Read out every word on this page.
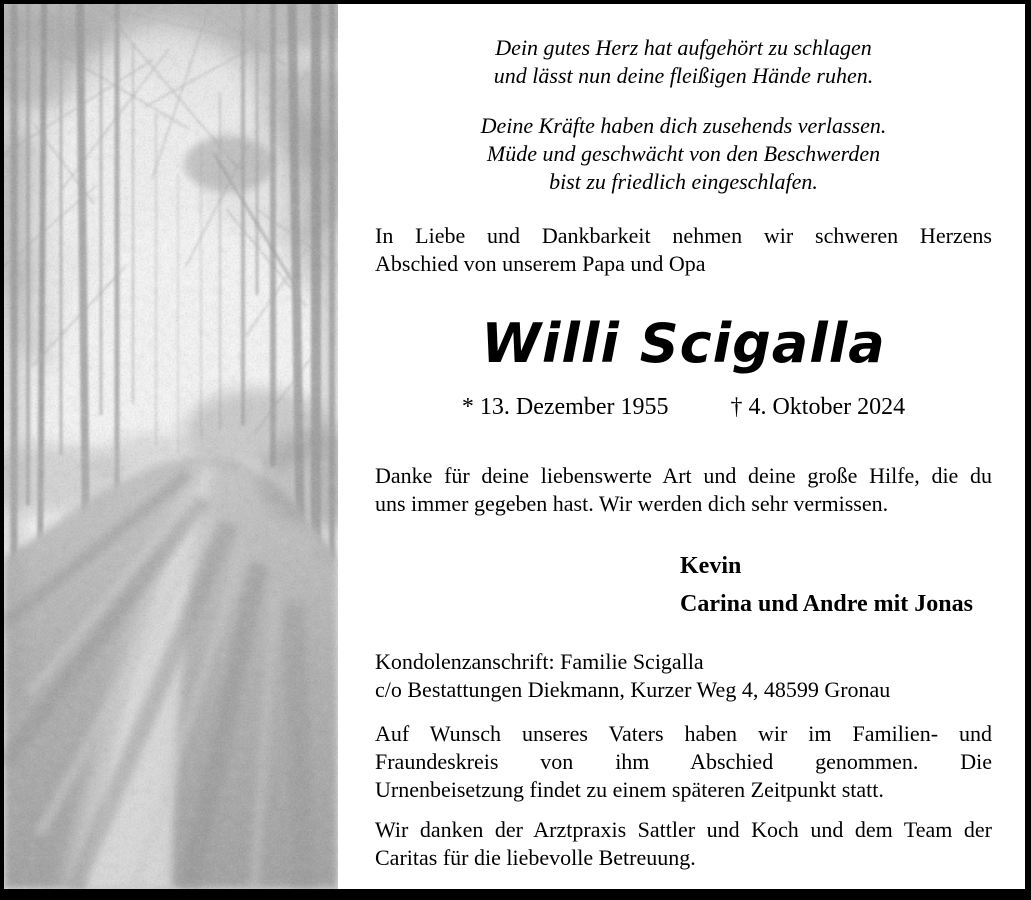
Dein gutes Herz hat aufgehört zu schlagen
und lässt nun deine fleißigen Hände ruhen.
Deine Kräfte haben dich zusehends verlassen.
Müde und geschwächt von den Beschwerden
bist zu friedlich eingeschlafen.
In Liebe und Dankbarkeit nehmen wir schweren Herzens
Abschied von unserem Papa und Opa
Willi Scigalla
* 13. Dezember 1955	† 4. Oktober 2024
Danke für deine liebenswerte Art und deine große Hilfe, die du
uns immer gegeben hast. Wir werden dich sehr vermissen.
Kevin
Carina und Andre mit Jonas
Kondolenzanschrift: Familie Scigalla
c/o Bestattungen Diekmann, Kurzer Weg 4, 48599 Gronau
Auf Wunsch unseres Vaters haben wir im Familien- und
Fraundeskreis von ihm Abschied genommen. Die
Urnenbeisetzung findet zu einem späteren Zeitpunkt statt.
Wir danken der Arztpraxis Sattler und Koch und dem Team der
Caritas für die liebevolle Betreuung.
